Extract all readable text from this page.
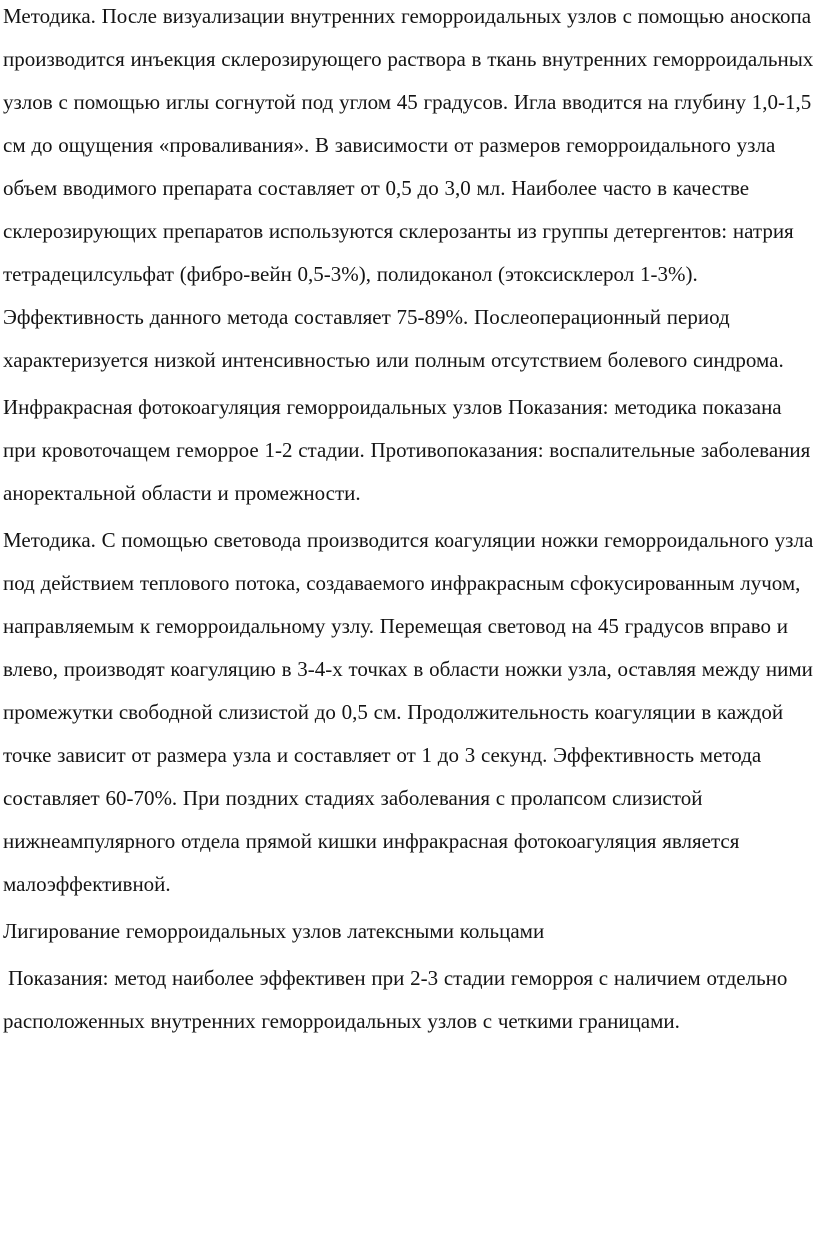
Методика. После визуализации внутренних геморроидальных узлов с помощью аноскопа производится инъекция склерозирующего раствора в ткань внутренних геморроидальных узлов с помощью иглы согнутой под углом 45 градусов. Игла вводится на глубину 1,0-1,5 см до ощущения «проваливания». В зависимости от размеров геморроидального узла объем вводимого препарата составляет от 0,5 до 3,0 мл. Наиболее часто в качестве склерозирующих препаратов используются склерозанты из группы детергентов: натрия тетрадецилсульфат (фибро-вейн 0,5-3%), полидоканол (этоксисклерол 1-3%). Эффективность данного метода составляет 75-89%. Послеоперационный период характеризуется низкой интенсивностью или полным отсутствием болевого синдрома.

Инфракрасная фотокоагуляция геморроидальных узлов Показания: методика показана при кровоточащем геморрое 1-2 стадии. Противопоказания: воспалительные заболевания аноректальной области и промежности.

Методика. С помощью световода производится коагуляции ножки геморроидального узла под действием теплового потока, создаваемого инфракрасным сфокусированным лучом, направляемым к геморроидальному узлу. Перемещая световод на 45 градусов вправо и влево, производят коагуляцию в 3-4-х точках в области ножки узла, оставляя между ними промежутки свободной слизистой до 0,5 см. Продолжительность коагуляции в каждой точке зависит от размера узла и составляет от 1 до 3 секунд. Эффективность метода составляет 60-70%. При поздних стадиях заболевания с пролапсом слизистой нижнеампулярного отдела прямой кишки инфракрасная фотокоагуляция является малоэффективной.

Лигирование геморроидальных узлов латексными кольцами

Показания: метод наиболее эффективен при 2-3 стадии геморроя с наличием отдельно расположенных внутренних геморроидальных узлов с четкими границами.
